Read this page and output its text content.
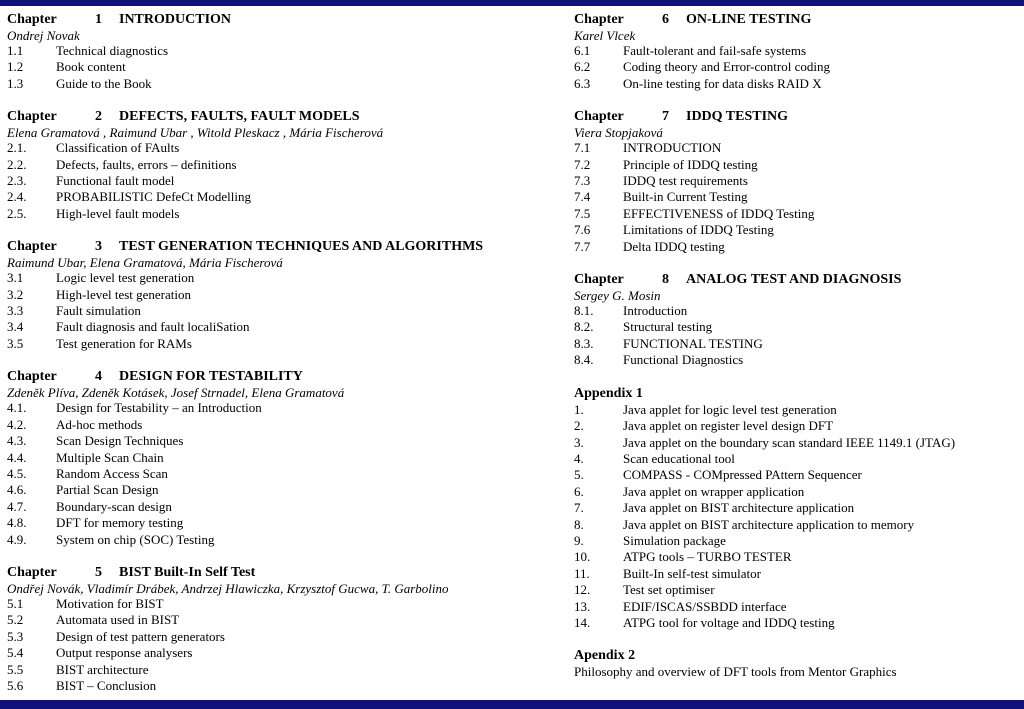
Chapter	1	INTRODUCTION
Ondrej Novak
1.1	Technical diagnostics
1.2	Book content
1.3	Guide to the Book
Chapter	2	DEFECTS, FAULTS, FAULT MODELS
Elena Gramatová , Raimund Ubar , Witold Pleskacz , Mária Fischerová
2.1.	Classification of FAults
2.2.	Defects, faults, errors – definitions
2.3.	Functional fault model
2.4.	PROBABILISTIC DefeCt Modelling
2.5.	High-level fault models
Chapter	3	TEST GENERATION TECHNIQUES AND ALGORITHMS
Raimund Ubar, Elena Gramatová, Mária Fischerová
3.1	Logic level test generation
3.2	High-level test generation
3.3	Fault simulation
3.4	Fault diagnosis and fault localiSation
3.5	Test generation for RAMs
Chapter	4	DESIGN FOR TESTABILITY
Zdeněk Plíva, Zdeněk Kotásek, Josef Strnadel, Elena Gramatová
4.1.	Design for Testability – an Introduction
4.2.	Ad-hoc methods
4.3.	Scan Design Techniques
4.4.	Multiple Scan Chain
4.5.	Random Access Scan
4.6.	Partial Scan Design
4.7.	Boundary-scan design
4.8.	DFT for memory testing
4.9.	System on chip (SOC) Testing
Chapter	5	BIST Built-In Self Test
Ondřej Novák, Vladimír Drábek, Andrzej Hlawiczka, Krzysztof Gucwa, T. Garbolino
5.1	Motivation for BIST
5.2	Automata used in BIST
5.3	Design of test pattern generators
5.4	Output response analysers
5.5	BIST architecture
5.6	BIST – Conclusion
Chapter	6	ON-LINE TESTING
Karel Vlcek
6.1	Fault-tolerant and fail-safe systems
6.2	Coding theory and Error-control coding
6.3	On-line testing for data disks RAID X
Chapter	7	IDDQ TESTING
Viera Stopjaková
7.1	INTRODUCTION
7.2	Principle of IDDQ testing
7.3	IDDQ test requirements
7.4	Built-in Current Testing
7.5	EFFECTIVENESS of IDDQ Testing
7.6	Limitations of IDDQ Testing
7.7	Delta IDDQ testing
Chapter	8	ANALOG TEST AND DIAGNOSIS
Sergey G. Mosin
8.1.	Introduction
8.2.	Structural testing
8.3.	FUNCTIONAL TESTING
8.4.	Functional Diagnostics
Appendix 1
1.	Java applet for logic level test generation
2.	Java applet on register level design DFT
3.	Java applet on the boundary scan standard IEEE 1149.1 (JTAG)
4.	Scan educational tool
5.	COMPASS - COMpressed PAttern Sequencer
6.	Java applet on wrapper application
7.	Java applet on BIST architecture application
8.	Java applet on BIST architecture application to memory
9.	Simulation package
10.	ATPG tools – TURBO TESTER
11.	Built-In self-test simulator
12.	Test set optimiser
13.	EDIF/ISCAS/SSBDD interface
14.	ATPG tool for voltage and IDDQ testing
Apendix 2
Philosophy and overview of DFT tools from Mentor Graphics
